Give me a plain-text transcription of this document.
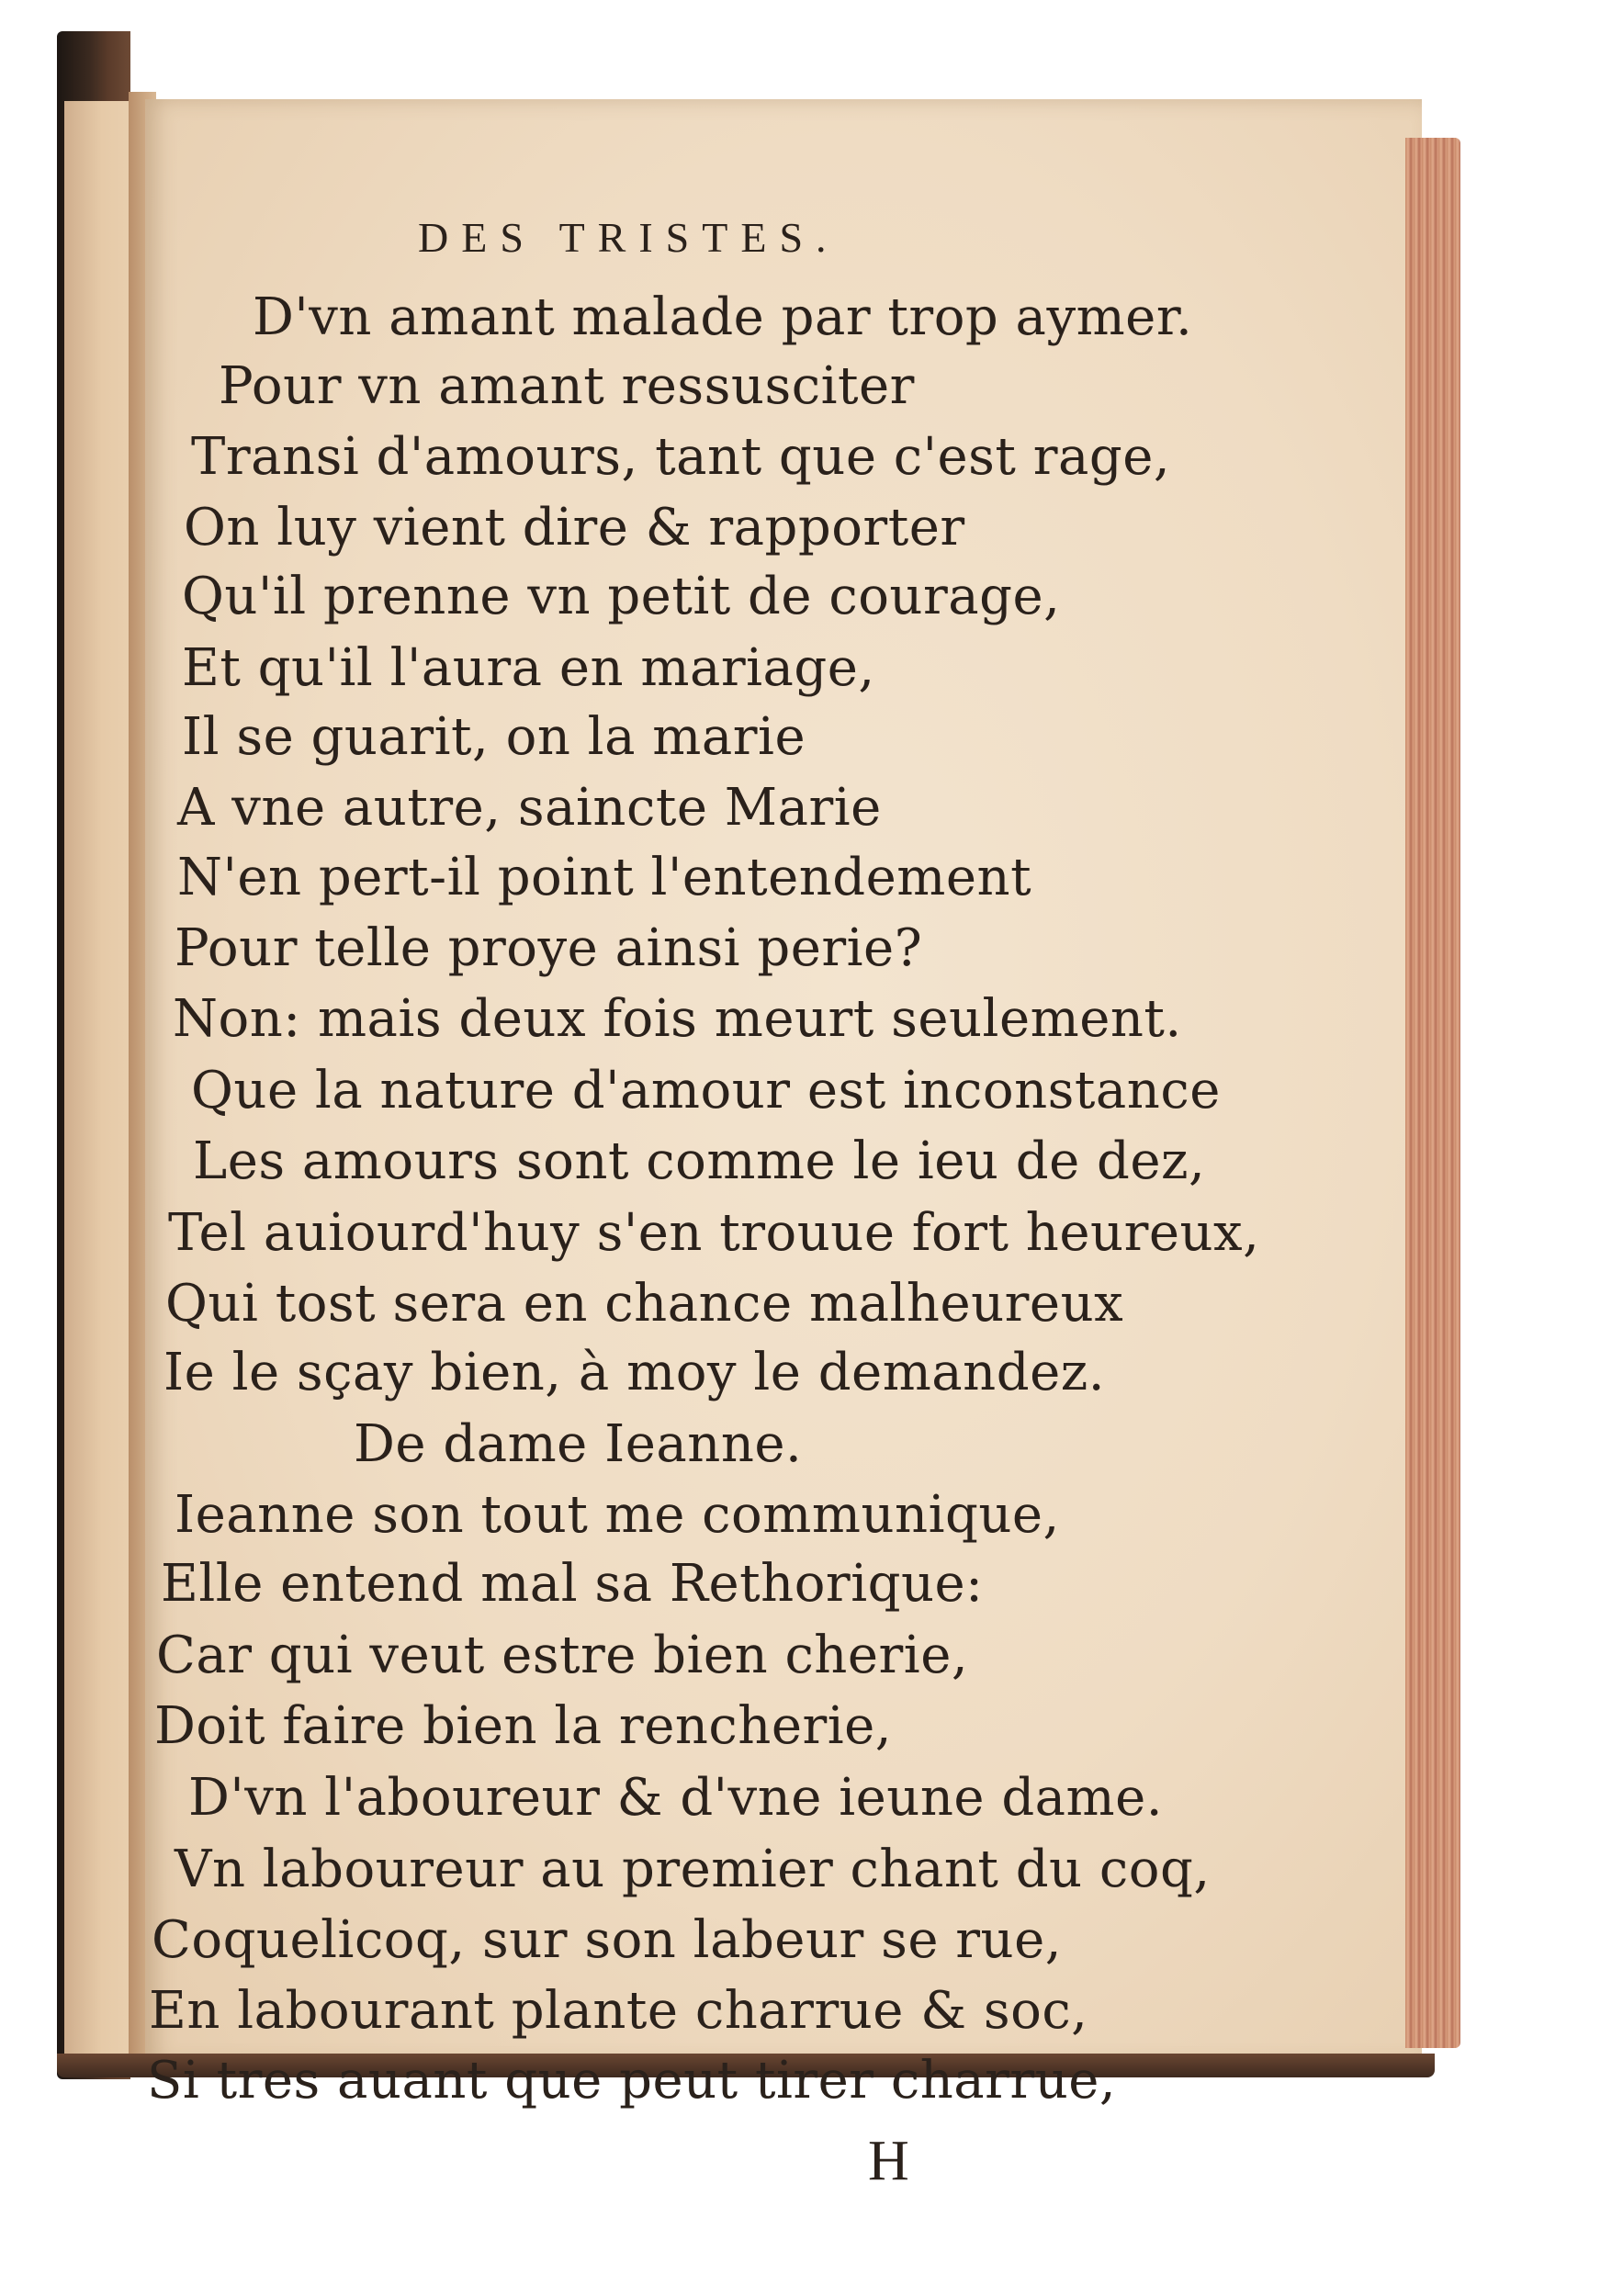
DES TRISTES.
D'vn amant malade par trop aymer.
Pour vn amant ressusciter
Transi d'amours, tant que c'est rage,
On luy vient dire & rapporter
Qu'il prenne vn petit de courage,
Et qu'il l'aura en mariage,
Il se guarit, on la marie
A vne autre, saincte Marie
N'en pert-il point l'entendement
Pour telle proye ainsi perie?
Non: mais deux fois meurt seulement.
Que la nature d'amour est inconstance
Les amours sont comme le ieu de dez,
Tel auiourd'huy s'en trouue fort heureux,
Qui tost sera en chance malheureux
Ie le sçay bien, à moy le demandez.
De dame Ieanne.
Ieanne son tout me communique,
Elle entend mal sa Rethorique:
Car qui veut estre bien cherie,
Doit faire bien la rencherie,
D'vn l'aboureur & d'vne ieune dame.
Vn laboureur au premier chant du coq,
Coquelicoq, sur son labeur se rue,
En labourant plante charrue & soc,
Si tres auant que peut tirer charrue,
H
